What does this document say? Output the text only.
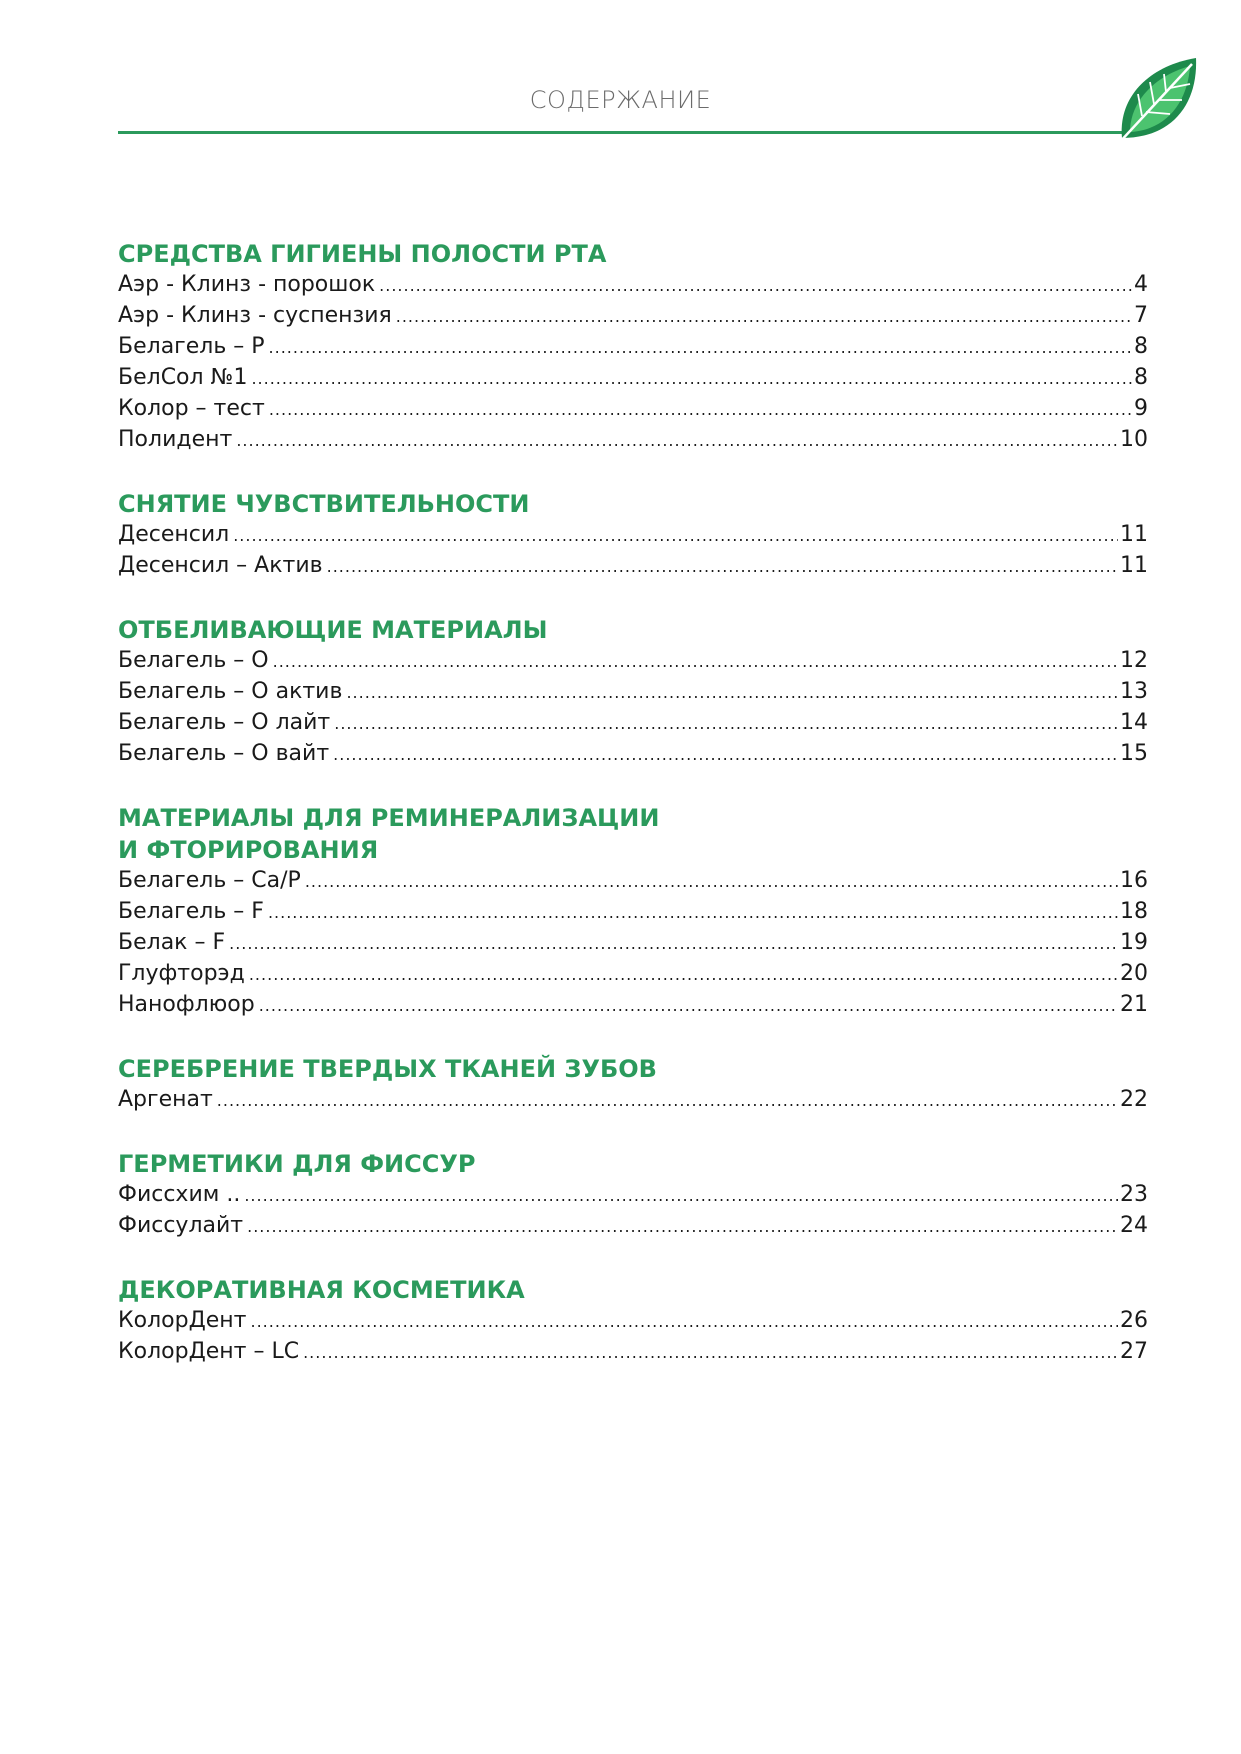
СОДЕРЖАНИЕ
СРЕДСТВА ГИГИЕНЫ ПОЛОСТИ РТА
Аэр - Клинз - порошок .....	4
Аэр - Клинз - суспензия .....	7
Белагель – Р .....	8
БелСол №1 .....	8
Колор – тест .....	9
Полидент .....	10
СНЯТИЕ ЧУВСТВИТЕЛЬНОСТИ
Десенсил .....	11
Десенсил – Актив .....	11
ОТБЕЛИВАЮЩИЕ МАТЕРИАЛЫ
Белагель – О .....	12
Белагель – О актив .....	13
Белагель – О лайт .....	14
Белагель – О вайт .....	15
МАТЕРИАЛЫ ДЛЯ РЕМИНЕРАЛИЗАЦИИ
И ФТОРИРОВАНИЯ
Белагель – Ca/P .....	16
Белагель – F .....	18
Белак – F .....	19
Глуфторэд .....	20
Нанофлюор .....	21
СЕРЕБРЕНИЕ ТВЕРДЫХ ТКАНЕЙ ЗУБОВ
Аргенат .....	22
ГЕРМЕТИКИ ДЛЯ ФИССУР
Фиссхим .. .....	23
Фиссулайт .....	24
ДЕКОРАТИВНАЯ КОСМЕТИКА
КолорДент .....	26
КолорДент – LC .....	27
